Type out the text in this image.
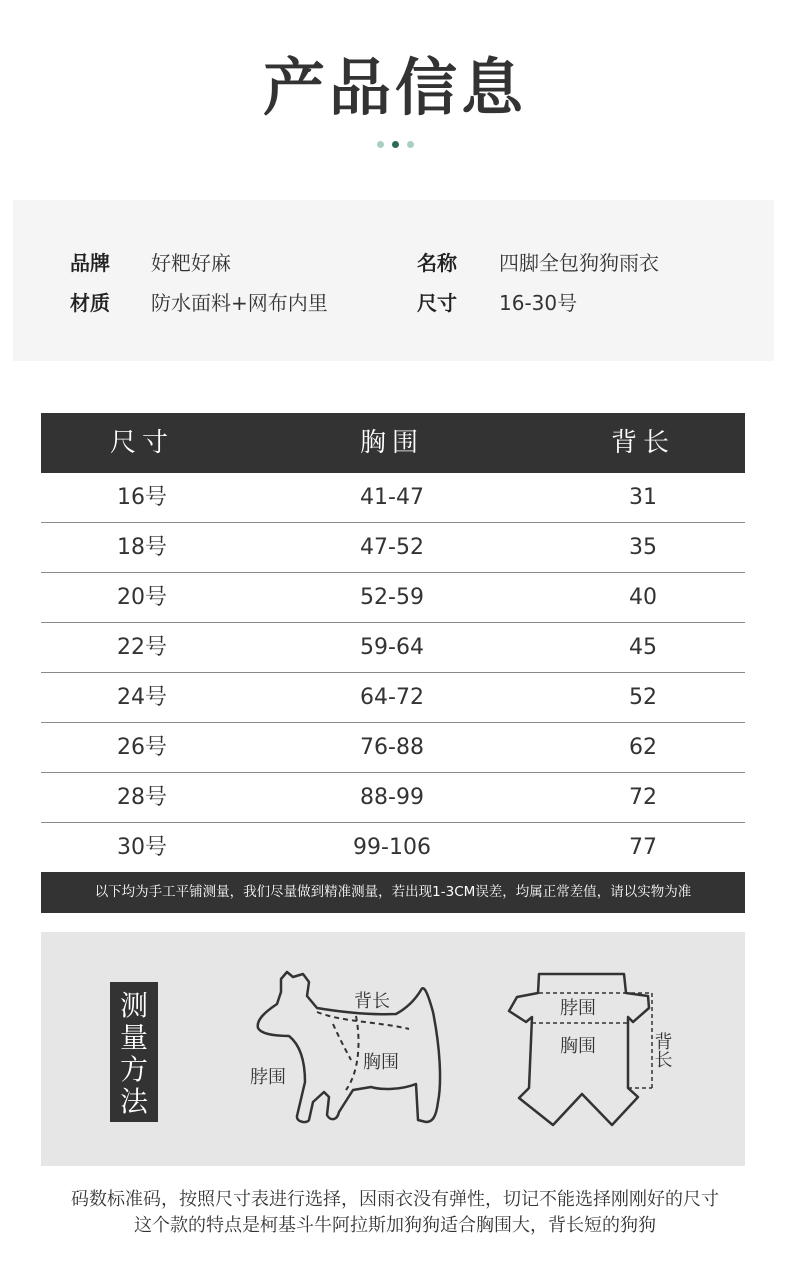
产品信息
品牌 好粑好麻	名称 四脚全包狗狗雨衣
材质 防水面料+网布内里	尺寸 16-30号
尺寸	胸围	背长
16号	41-47	31
18号	47-52	35
20号	52-59	40
22号	59-64	45
24号	64-72	52
26号	76-88	62
28号	88-99	72
30号	99-106	77
以下均为手工平铺测量，我们尽量做到精准测量，若出现1-3CM误差，均属正常差值，请以实物为准
测
量
方
法
背长
胸围
脖围
脖围
胸围	背长
码数标准码，按照尺寸表进行选择，因雨衣没有弹性，切记不能选择刚刚好的尺寸
这个款的特点是柯基斗牛阿拉斯加狗狗适合胸围大，背长短的狗狗
